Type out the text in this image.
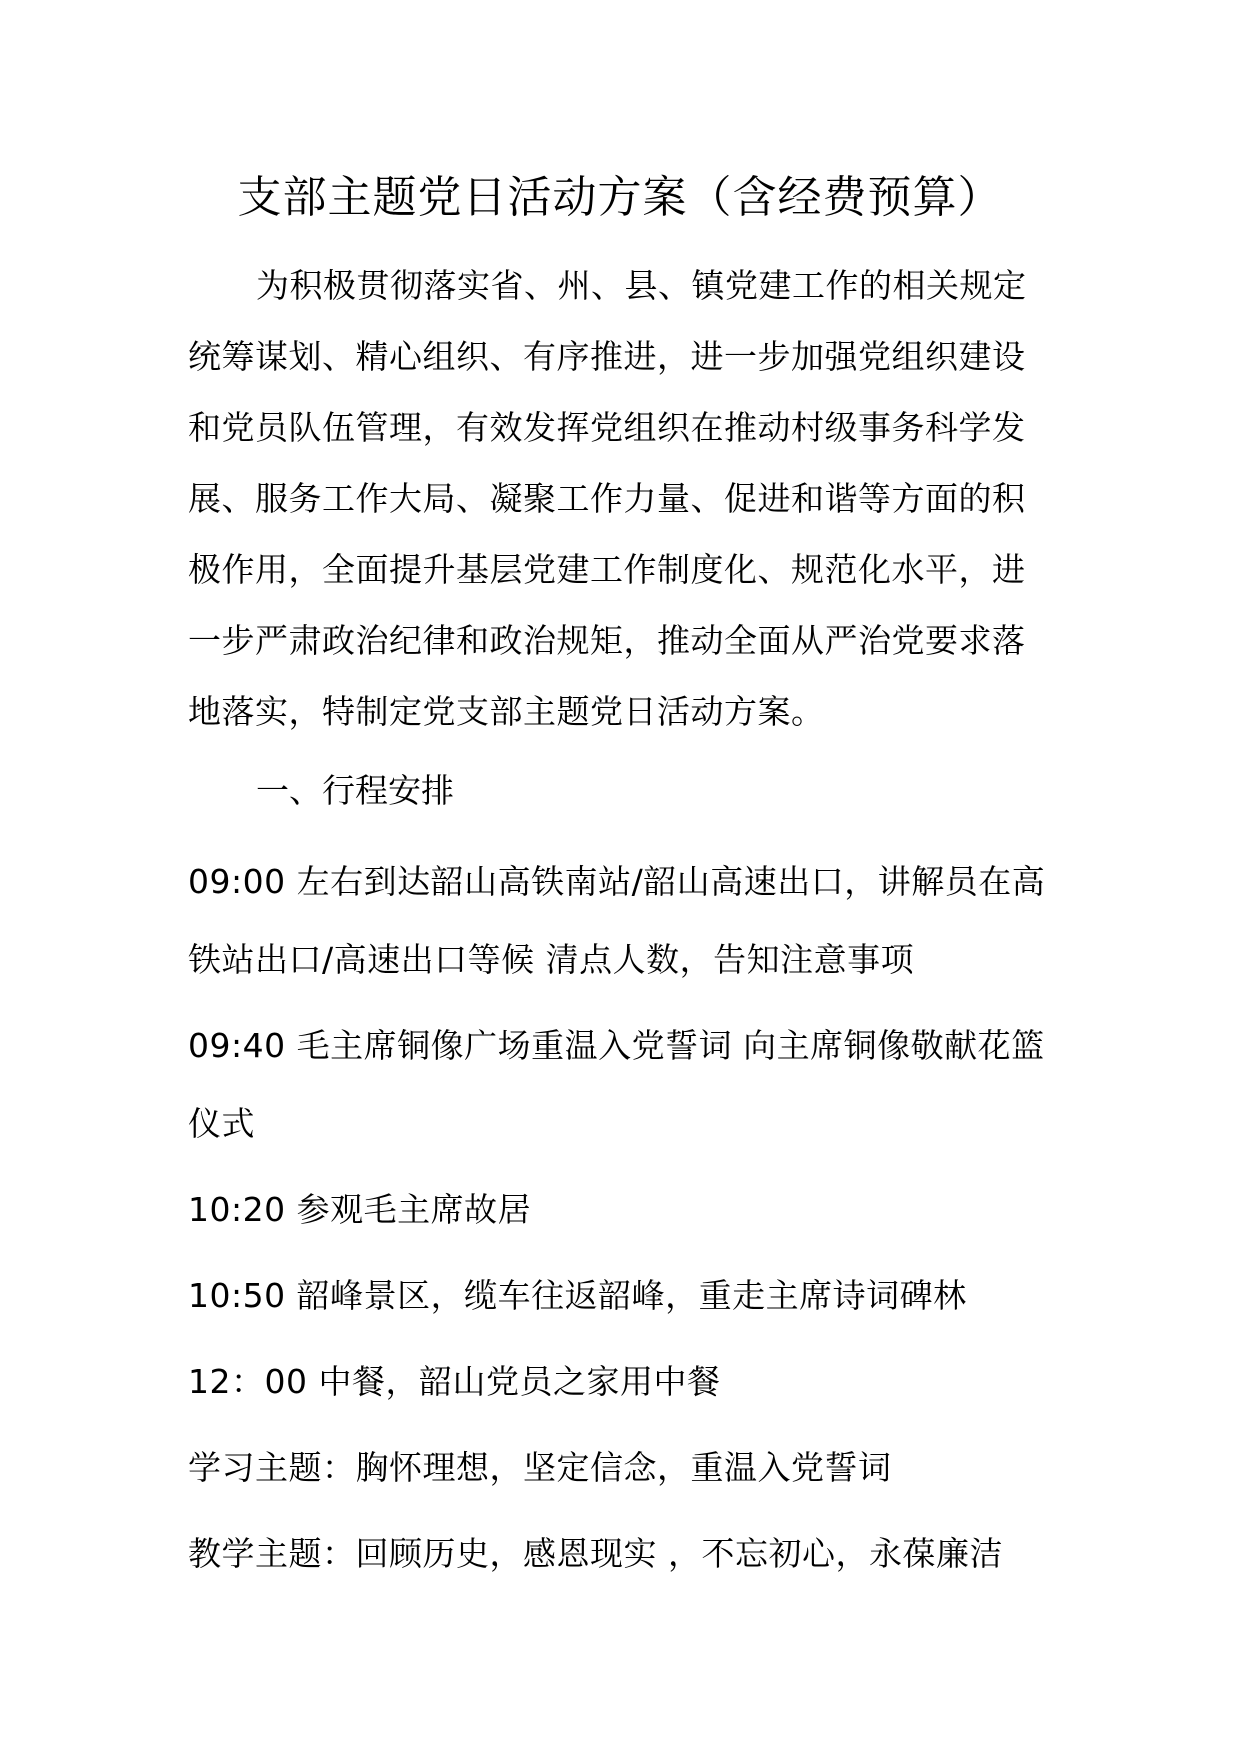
支部主题党日活动方案（含经费预算）
为积极贯彻落实省、州、县、镇党建工作的相关规定
统筹谋划、精心组织、有序推进，进一步加强党组织建设
和党员队伍管理，有效发挥党组织在推动村级事务科学发
展、服务工作大局、凝聚工作力量、促进和谐等方面的积
极作用，全面提升基层党建工作制度化、规范化水平，进
一步严肃政治纪律和政治规矩，推动全面从严治党要求落
地落实，特制定党支部主题党日活动方案。
一、行程安排
09:00 左右到达韶山高铁南站/韶山高速出口，讲解员在高
铁站出口/高速出口等候 清点人数，告知注意事项
09:40 毛主席铜像广场重温入党誓词 向主席铜像敬献花篮
仪式
10:20 参观毛主席故居
10:50 韶峰景区，缆车往返韶峰，重走主席诗词碑林
12：00 中餐，韶山党员之家用中餐
学习主题：胸怀理想，坚定信念，重温入党誓词
教学主题：回顾历史，感恩现实 ，不忘初心，永葆廉洁
